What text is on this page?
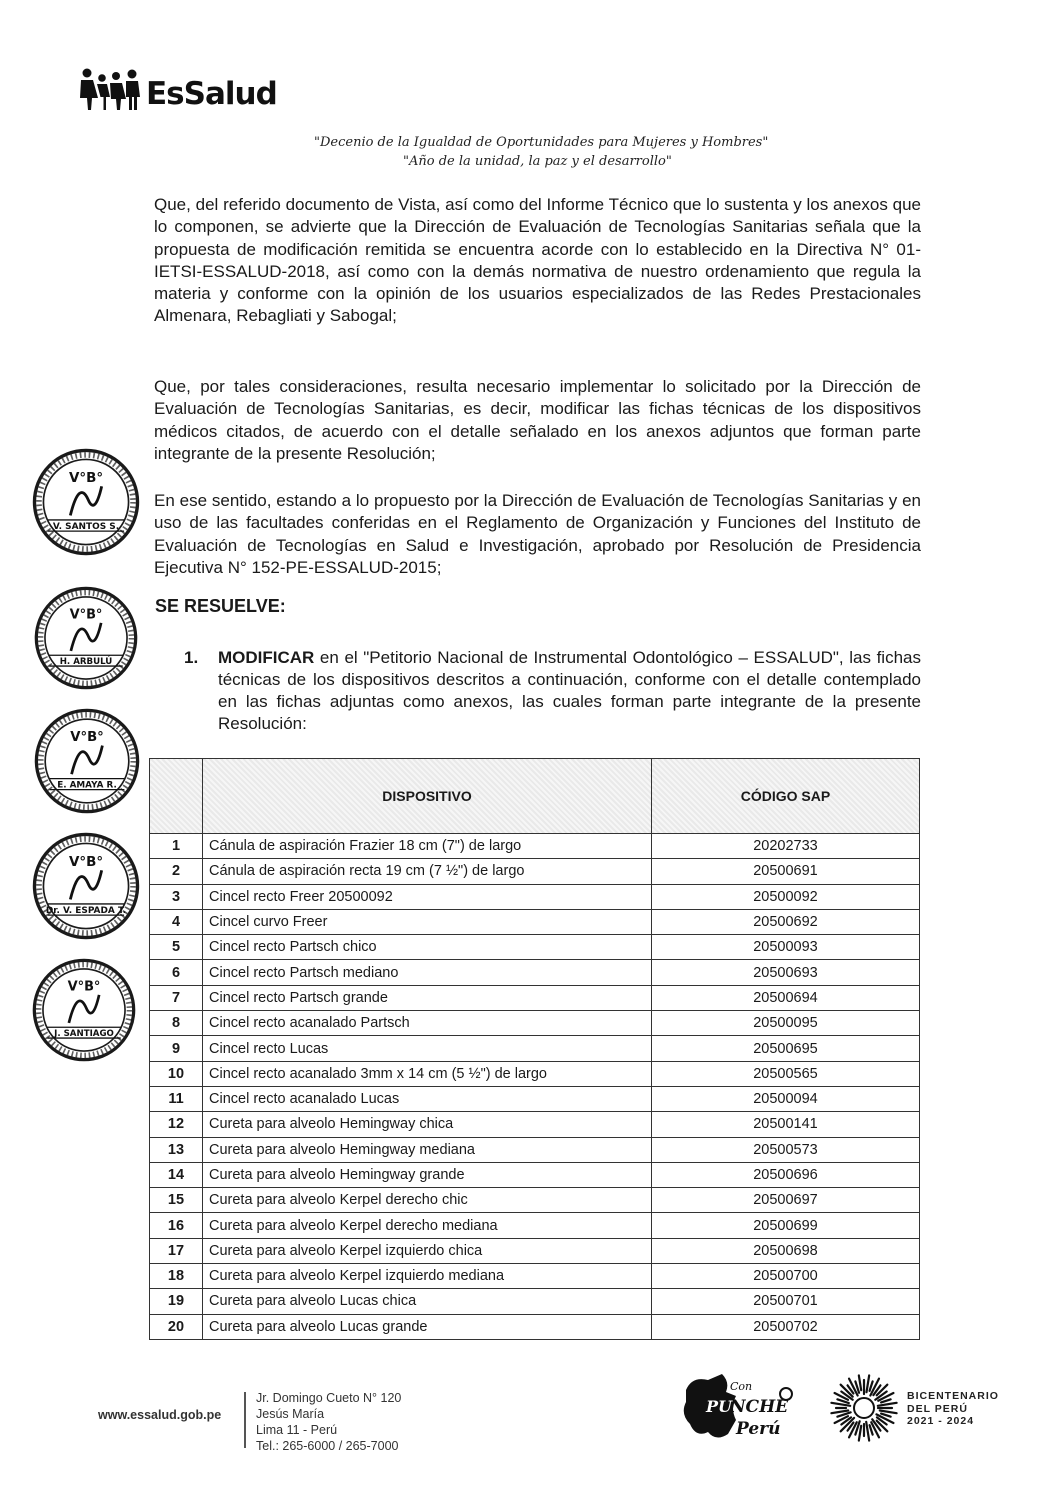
EsSalud
"Decenio de la Igualdad de Oportunidades para Mujeres y Hombres"
"Año de la unidad, la paz y el desarrollo"

Que, del referido documento de Vista, así como del Informe Técnico que lo sustenta y los anexos que lo componen, se advierte que la Dirección de Evaluación de Tecnologías Sanitarias señala que la propuesta de modificación remitida se encuentra acorde con lo establecido en la Directiva N° 01-IETSI-ESSALUD-2018, así como con la demás normativa de nuestro ordenamiento que regula la materia y conforme con la opinión de los usuarios especializados de las Redes Prestacionales Almenara, Rebagliati y Sabogal;

Que, por tales consideraciones, resulta necesario implementar lo solicitado por la Dirección de Evaluación de Tecnologías Sanitarias, es decir, modificar las fichas técnicas de los dispositivos médicos citados, de acuerdo con el detalle señalado en los anexos adjuntos que forman parte integrante de la presente Resolución;

En ese sentido, estando a lo propuesto por la Dirección de Evaluación de Tecnologías Sanitarias y en uso de las facultades conferidas en el Reglamento de Organización y Funciones del Instituto de Evaluación de Tecnologías en Salud e Investigación, aprobado por Resolución de Presidencia Ejecutiva N° 152-PE-ESSALUD-2015;

SE RESUELVE:
1. MODIFICAR en el "Petitorio Nacional de Instrumental Odontológico – ESSALUD", las fichas técnicas de los dispositivos descritos a continuación, conforme con el detalle contemplado en las fichas adjuntas como anexos, las cuales forman parte integrante de la presente Resolución:
	DISPOSITIVO	CÓDIGO SAP
1	Cánula de aspiración Frazier 18 cm (7") de largo	20202733
2	Cánula de aspiración recta 19 cm (7 ½") de largo	20500691
3	Cincel recto Freer 20500092	20500092
4	Cincel curvo Freer	20500692
5	Cincel recto Partsch chico	20500093
6	Cincel recto Partsch mediano	20500693
7	Cincel recto Partsch grande	20500694
8	Cincel recto acanalado Partsch	20500095
9	Cincel recto Lucas	20500695
10	Cincel recto acanalado 3mm x 14 cm (5 ½") de largo	20500565
11	Cincel recto acanalado Lucas	20500094
12	Cureta para alveolo Hemingway chica	20500141
13	Cureta para alveolo Hemingway mediana	20500573
14	Cureta para alveolo Hemingway grande	20500696
15	Cureta para alveolo Kerpel derecho chic	20500697
16	Cureta para alveolo Kerpel derecho mediana	20500699
17	Cureta para alveolo Kerpel izquierdo chica	20500698
18	Cureta para alveolo Kerpel izquierdo mediana	20500700
19	Cureta para alveolo Lucas chica	20500701
20	Cureta para alveolo Lucas grande	20500702
V°B°
V. SANTOS S.
V°B°
H. ARBULÚ
V°B°
E. AMAYA R.
V°B°
Dr. V. ESPADA T.
V°B°
J. SANTIAGO
www.essalud.gob.pe
Jr. Domingo Cueto N° 120
Jesús María
Lima 11 - Perú
Tel.: 265-6000 / 265-7000
PU
Con
NCHE
Perú
BICENTENARIO
DEL PERÚ
2021 - 2024
